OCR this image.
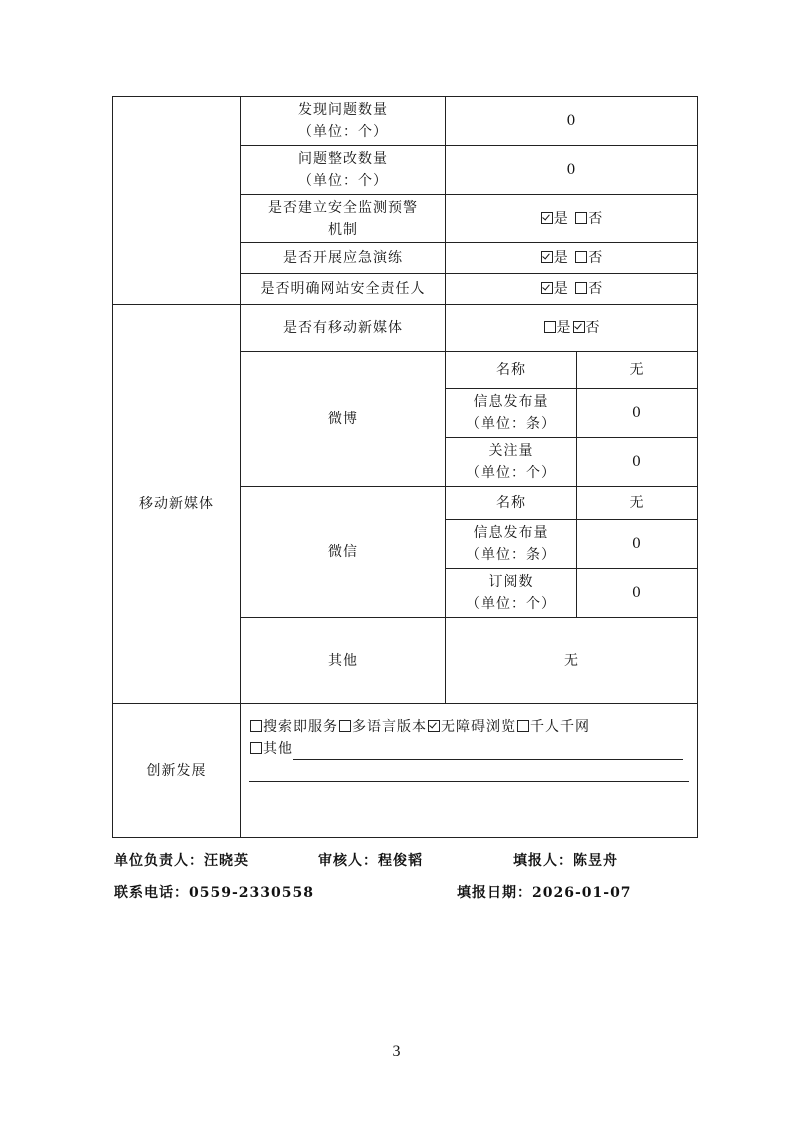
	发现问题数量
（单位：个）	0	

	问题整改数量
（单位：个）	0	

	是否建立安全监测预警
机制	是 否	
	是否开展应急演练	是 否	
	是否明确网站安全责任人	是 否	
移动新媒体	是否有移动新媒体	是 否	
	微博	名称	无

		信息发布量
（单位：条）	0

		关注量
（单位：个）	0
	微信	名称	无

		信息发布量
（单位：条）	0

		订阅数
（单位：个）	0
	其他	无	
创新发展	搜索即服务 多语言版本 无障碍浏览 千人千网
其他		
单位负责人：汪晓英	审核人：程俊韬	填报人：陈昱舟
联系电话：0559-2330558	填报日期：2026-01-07
3
